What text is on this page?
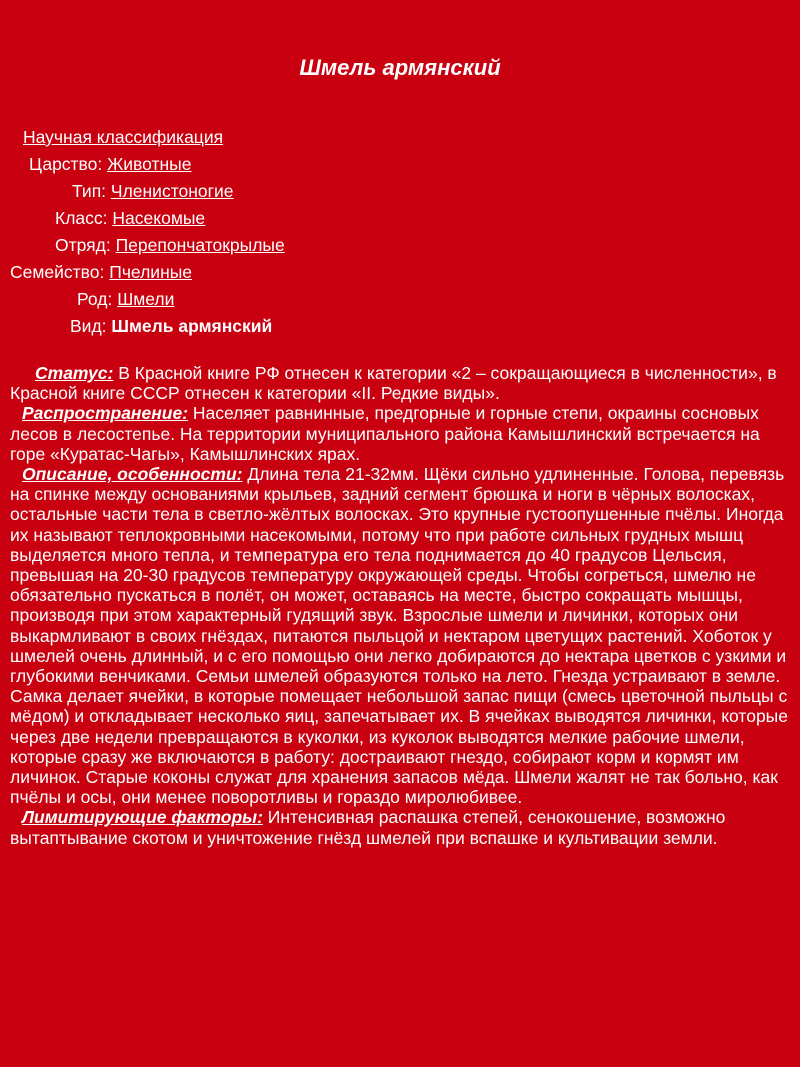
Шмель армянский
Научная классификация
Царство: Животные
Тип: Членистоногие
Класс: Насекомые
Отряд: Перепончатокрылые
Семейство: Пчелиные
Род: Шмели
Вид: Шмель армянский

Статус: В Красной книге РФ отнесен к категории «2 – сокращающиеся в численности», в Красной книге СССР отнесен к категории «II. Редкие виды».

Распространение: Населяет равнинные, предгорные и горные степи, окраины сосновых лесов в лесостепье. На территории муниципального района Камышлинский встречается на горе «Куратас-Чагы», Камышлинских ярах.

Описание, особенности: Длина тела 21-32мм. Щёки сильно удлиненные. Голова, перевязь на спинке между основаниями крыльев, задний сегмент брюшка и ноги в чёрных волосках, остальные части тела в светло-жёлтых волосках. Это крупные густоопушенные пчёлы. Иногда их называют теплокровными насекомыми, потому что при работе сильных грудных мышц выделяется много тепла, и температура его тела поднимается до 40 градусов Цельсия, превышая на 20-30 градусов температуру окружающей среды. Чтобы согреться, шмелю не обязательно пускаться в полёт, он может, оставаясь на месте, быстро сокращать мышцы, производя при этом характерный гудящий звук. Взрослые шмели и личинки, которых они выкармливают в своих гнёздах, питаются пыльцой и нектаром цветущих растений. Хоботок у шмелей очень длинный, и с его помощью они легко добираются до нектара цветков с узкими и глубокими венчиками. Семьи шмелей образуются только на лето. Гнезда устраивают в земле. Самка делает ячейки, в которые помещает небольшой запас пищи (смесь цветочной пыльцы с мёдом) и откладывает несколько яиц, запечатывает их. В ячейках выводятся личинки, которые через две недели превращаются в куколки, из куколок выводятся мелкие рабочие шмели, которые сразу же включаются в работу: достраивают гнездо, собирают корм и кормят им личинок. Старые коконы служат для хранения запасов мёда. Шмели жалят не так больно, как пчёлы и осы, они менее поворотливы и гораздо миролюбивее.

Лимитирующие факторы: Интенсивная распашка степей, сенокошение, возможно вытаптывание скотом и уничтожение гнёзд шмелей при вспашке и культивации земли.
